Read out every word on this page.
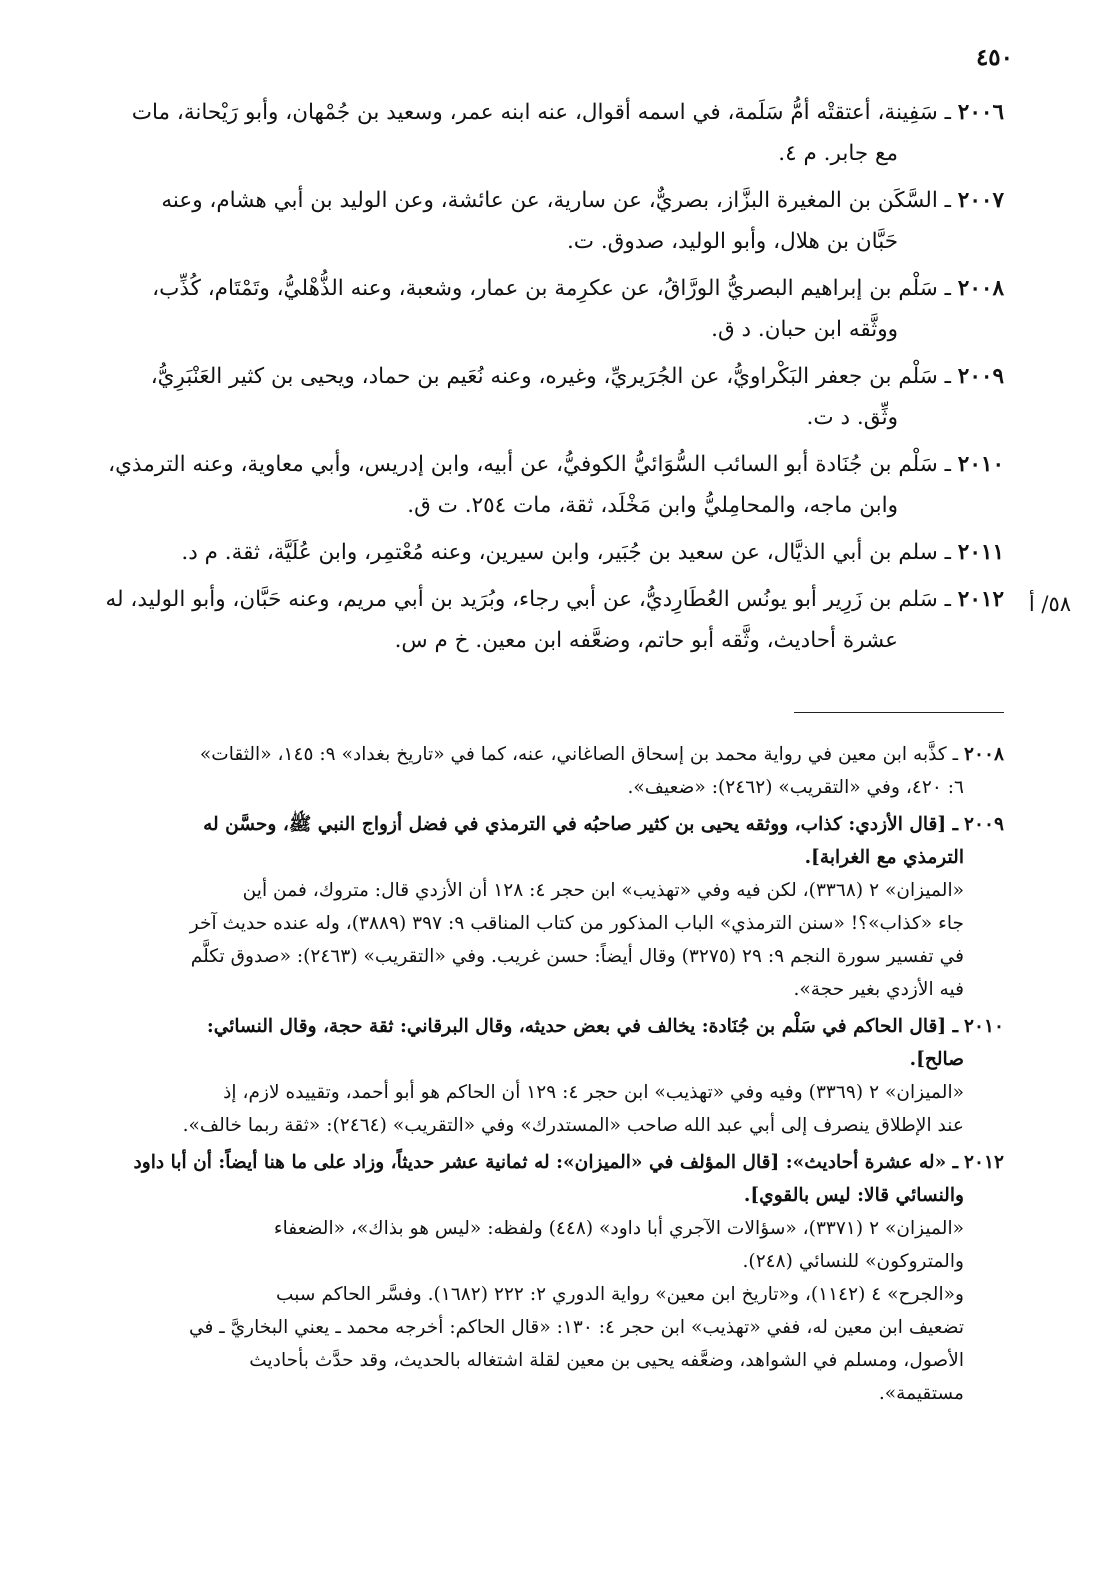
٤٥٠
٥٨/ أ
٢٠٠٦ ـ سَفِينة، أعتقتْه أمُّ سَلَمة، في اسمه أقوال، عنه ابنه عمر، وسعيد بن جُمْهان، وأبو رَيْحانة، مات
مع جابر. م ٤.
٢٠٠٧ ـ السَّكَن بن المغيرة البزَّاز، بصريٌّ، عن سارية، عن عائشة، وعن الوليد بن أبي هشام، وعنه
حَبَّان بن هلال، وأبو الوليد، صدوق. ت.
٢٠٠٨ ـ سَلْم بن إبراهيم البصريُّ الورَّاقُ، عن عكرِمة بن عمار، وشعبة، وعنه الذُّهْليُّ، وتَمْتَام، كُذِّب،
ووثَّقه ابن حبان. د ق.
٢٠٠٩ ـ سَلْم بن جعفر البَكْراويُّ، عن الجُرَيريِّ، وغيره، وعنه نُعَيم بن حماد، ويحيى بن كثير العَنْبَرِيُّ،
وثِّق. د ت.
٢٠١٠ ـ سَلْم بن جُنَادة أبو السائب السُّوَائيُّ الكوفيُّ، عن أبيه، وابن إدريس، وأبي معاوية، وعنه الترمذي،
وابن ماجه، والمحامِليُّ وابن مَخْلَد، ثقة، مات ٢٥٤. ت ق.
٢٠١١ ـ سلم بن أبي الذيَّال، عن سعيد بن جُبَير، وابن سيرين، وعنه مُعْتمِر، وابن عُلَيَّة، ثقة. م د.
٢٠١٢ ـ سَلم بن زَرِير أبو يونُس العُطَارِديُّ، عن أبي رجاء، وبُرَيد بن أبي مريم، وعنه حَبَّان، وأبو الوليد، له
عشرة أحاديث، وثَّقه أبو حاتم، وضعَّفه ابن معين. خ م س.
٢٠٠٨ ـ كذَّبه ابن معين في رواية محمد بن إسحاق الصاغاني، عنه، كما في «تاريخ بغداد» ٩: ١٤٥، «الثقات»
٦: ٤٢٠، وفي «التقريب» (٢٤٦٢): «ضعيف».
٢٠٠٩ ـ [قال الأزدي: كذاب، ووثقه يحيى بن كثير صاحبُه في الترمذي في فضل أزواج النبي ﷺ، وحسَّن له
الترمذي مع الغرابة].
«الميزان» ٢ (٣٣٦٨)، لكن فيه وفي «تهذيب» ابن حجر ٤: ١٢٨ أن الأزدي قال: متروك، فمن أين
جاء «كذاب»؟! «سنن الترمذي» الباب المذكور من كتاب المناقب ٩: ٣٩٧ (٣٨٨٩)، وله عنده حديث آخر
في تفسير سورة النجم ٩: ٢٩ (٣٢٧٥) وقال أيضاً: حسن غريب. وفي «التقريب» (٢٤٦٣): «صدوق تكلَّم
فيه الأزدي بغير حجة».
٢٠١٠ ـ [قال الحاكم في سَلْم بن جُنَادة: يخالف في بعض حديثه، وقال البرقاني: ثقة حجة، وقال النسائي:
صالح].
«الميزان» ٢ (٣٣٦٩) وفيه وفي «تهذيب» ابن حجر ٤: ١٢٩ أن الحاكم هو أبو أحمد، وتقييده لازم، إذ
عند الإطلاق ينصرف إلى أبي عبد الله صاحب «المستدرك» وفي «التقريب» (٢٤٦٤): «ثقة ربما خالف».
٢٠١٢ ـ «له عشرة أحاديث»: [قال المؤلف في «الميزان»: له ثمانية عشر حديثاً، وزاد على ما هنا أيضاً: أن أبا داود
والنسائي قالا: ليس بالقوي].
«الميزان» ٢ (٣٣٧١)، «سؤالات الآجري أبا داود» (٤٤٨) ولفظه: «ليس هو بذاك»، «الضعفاء
والمتروكون» للنسائي (٢٤٨).
و«الجرح» ٤ (١١٤٢)، و«تاريخ ابن معين» رواية الدوري ٢: ٢٢٢ (١٦٨٢). وفسَّر الحاكم سبب
تضعيف ابن معين له، ففي «تهذيب» ابن حجر ٤: ١٣٠: «قال الحاكم: أخرجه محمد ـ يعني البخاريَّ ـ في
الأصول، ومسلم في الشواهد، وضعَّفه يحيى بن معين لقلة اشتغاله بالحديث، وقد حدَّث بأحاديث
مستقيمة».
